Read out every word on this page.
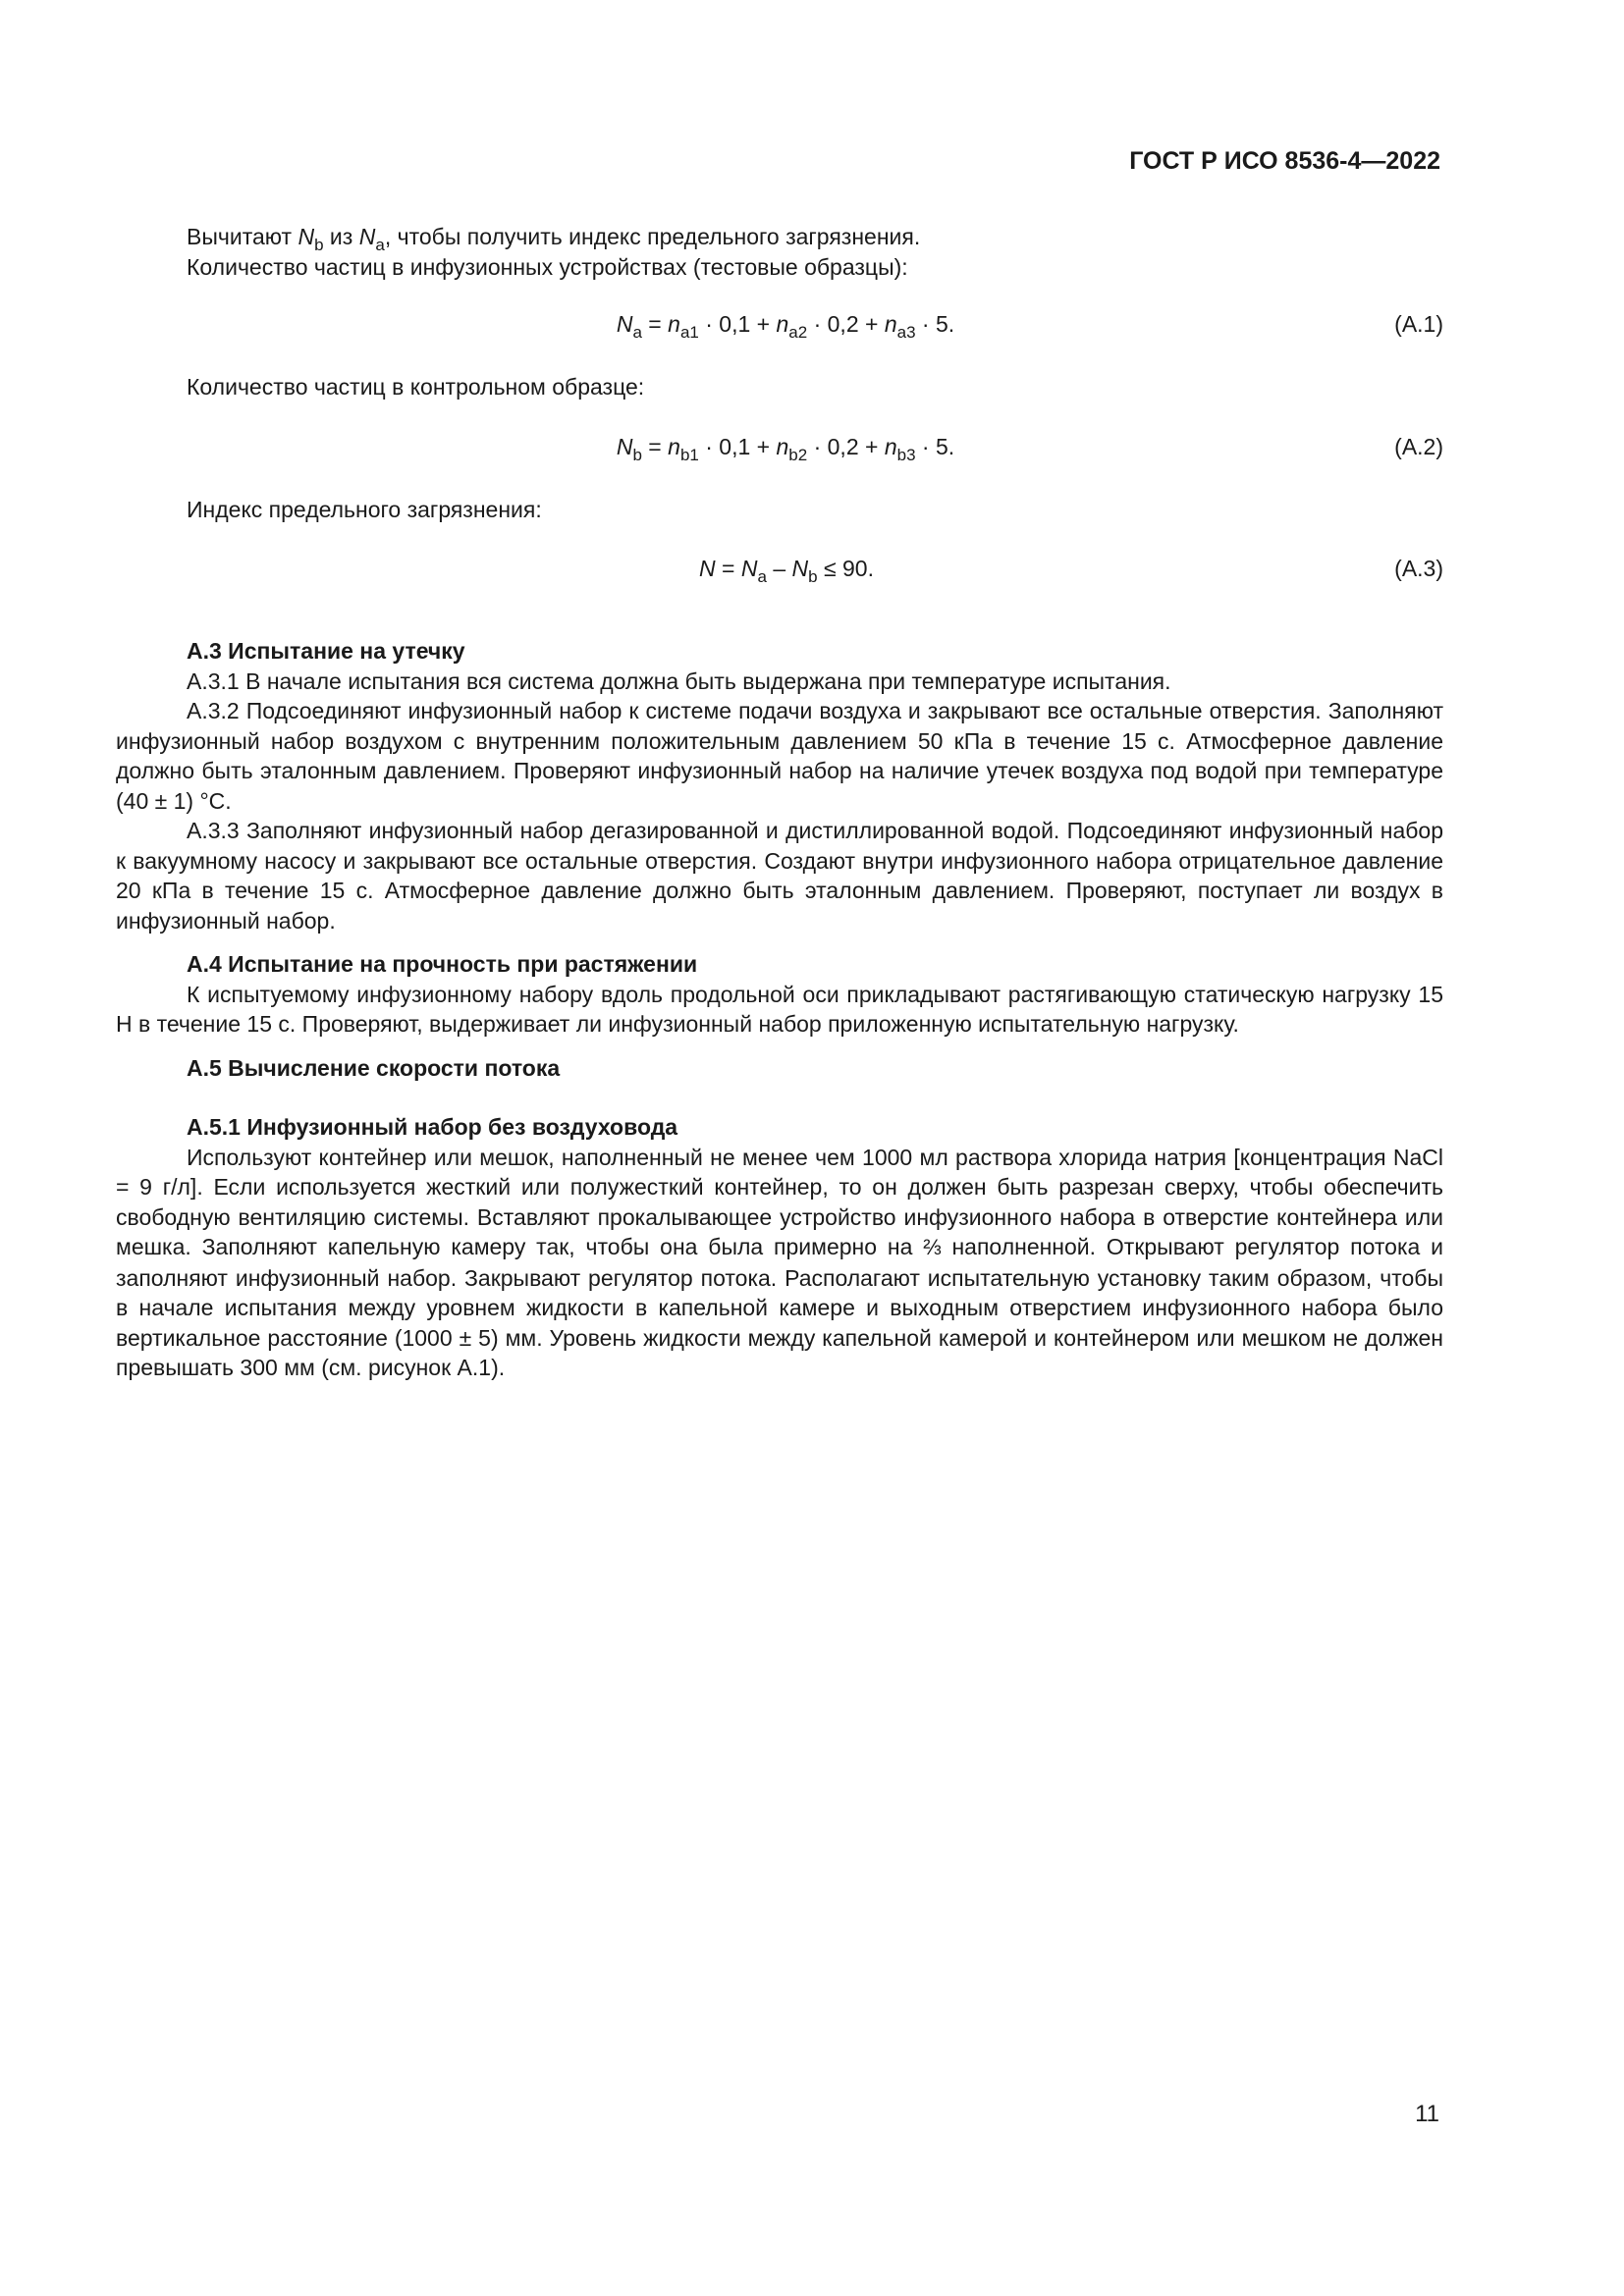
ГОСТ Р ИСО 8536-4—2022

Вычитают $N_b$ из $N_a$, чтобы получить индекс предельного загрязнения.

Количество частиц в инфузионных устройствах (тестовые образцы):

$N_a = n_{a1} \cdot 0,1 + n_{a2} \cdot 0,2 + n_{a3} \cdot 5$.	(А.1)

Количество частиц в контрольном образце:

$N_b = n_{b1} \cdot 0,1 + n_{b2} \cdot 0,2 + n_{b3} \cdot 5$.	(А.2)

Индекс предельного загрязнения:

$N = N_a - N_b \le 90$.	(А.3)

А.3 Испытание на утечку

А.3.1 В начале испытания вся система должна быть выдержана при температуре испытания.

А.3.2 Подсоединяют инфузионный набор к системе подачи воздуха и закрывают все остальные отверстия. Заполняют инфузионный набор воздухом с внутренним положительным давлением 50 кПа в течение 15 с. Атмосферное давление должно быть эталонным давлением. Проверяют инфузионный набор на наличие утечек воздуха под водой при температуре (40 ± 1) °С.

А.3.3 Заполняют инфузионный набор дегазированной и дистиллированной водой. Подсоединяют инфузионный набор к вакуумному насосу и закрывают все остальные отверстия. Создают внутри инфузионного набора отрицательное давление 20 кПа в течение 15 с. Атмосферное давление должно быть эталонным давлением. Проверяют, поступает ли воздух в инфузионный набор.

А.4 Испытание на прочность при растяжении

К испытуемому инфузионному набору вдоль продольной оси прикладывают растягивающую статическую нагрузку 15 Н в течение 15 с. Проверяют, выдерживает ли инфузионный набор приложенную испытательную нагрузку.

А.5 Вычисление скорости потока

А.5.1 Инфузионный набор без воздуховода

Используют контейнер или мешок, наполненный не менее чем 1000 мл раствора хлорида натрия [концентрация NaCl = 9 г/л]. Если используется жесткий или полужесткий контейнер, то он должен быть разрезан сверху, чтобы обеспечить свободную вентиляцию системы. Вставляют прокалывающее устройство инфузионного набора в отверстие контейнера или мешка. Заполняют капельную камеру так, чтобы она была примерно на ⅔ наполненной. Открывают регулятор потока и заполняют инфузионный набор. Закрывают регулятор потока. Располагают испытательную установку таким образом, чтобы в начале испытания между уровнем жидкости в капельной камере и выходным отверстием инфузионного набора было вертикальное расстояние (1000 ± 5) мм. Уровень жидкости между капельной камерой и контейнером или мешком не должен превышать 300 мм (см. рисунок А.1).

11
